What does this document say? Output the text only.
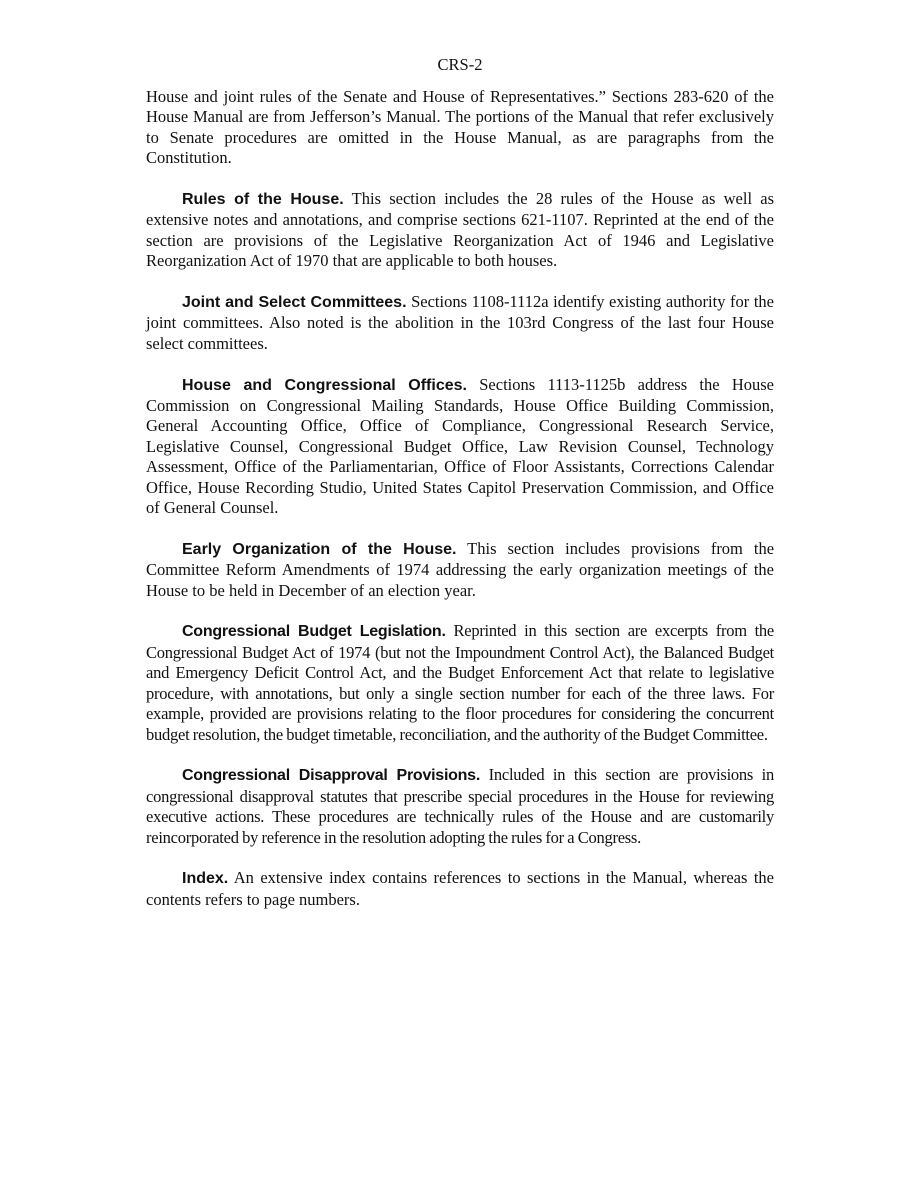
CRS-2

House and joint rules of the Senate and House of Representatives.” Sections 283-620 of the House Manual are from Jefferson’s Manual. The portions of the Manual that refer exclusively to Senate procedures are omitted in the House Manual, as are paragraphs from the Constitution.

Rules of the House. This section includes the 28 rules of the House as well as extensive notes and annotations, and comprise sections 621-1107. Reprinted at the end of the section are provisions of the Legislative Reorganization Act of 1946 and Legislative Reorganization Act of 1970 that are applicable to both houses.

Joint and Select Committees. Sections 1108-1112a identify existing authority for the joint committees. Also noted is the abolition in the 103rd Congress of the last four House select committees.

House and Congressional Offices. Sections 1113-1125b address the House Commission on Congressional Mailing Standards, House Office Building Commission, General Accounting Office, Office of Compliance, Congressional Research Service, Legislative Counsel, Congressional Budget Office, Law Revision Counsel, Technology Assessment, Office of the Parliamentarian, Office of Floor Assistants, Corrections Calendar Office, House Recording Studio, United States Capitol Preservation Commission, and Office of General Counsel.

Early Organization of the House. This section includes provisions from the Committee Reform Amendments of 1974 addressing the early organization meetings of the House to be held in December of an election year.

Congressional Budget Legislation. Reprinted in this section are excerpts from the Congressional Budget Act of 1974 (but not the Impoundment Control Act), the Balanced Budget and Emergency Deficit Control Act, and the Budget Enforcement Act that relate to legislative procedure, with annotations, but only a single section number for each of the three laws. For example, provided are provisions relating to the floor procedures for considering the concurrent budget resolution, the budget timetable, reconciliation, and the authority of the Budget Committee.

Congressional Disapproval Provisions. Included in this section are provisions in congressional disapproval statutes that prescribe special procedures in the House for reviewing executive actions. These procedures are technically rules of the House and are customarily reincorporated by reference in the resolution adopting the rules for a Congress.

Index. An extensive index contains references to sections in the Manual, whereas the contents refers to page numbers.
